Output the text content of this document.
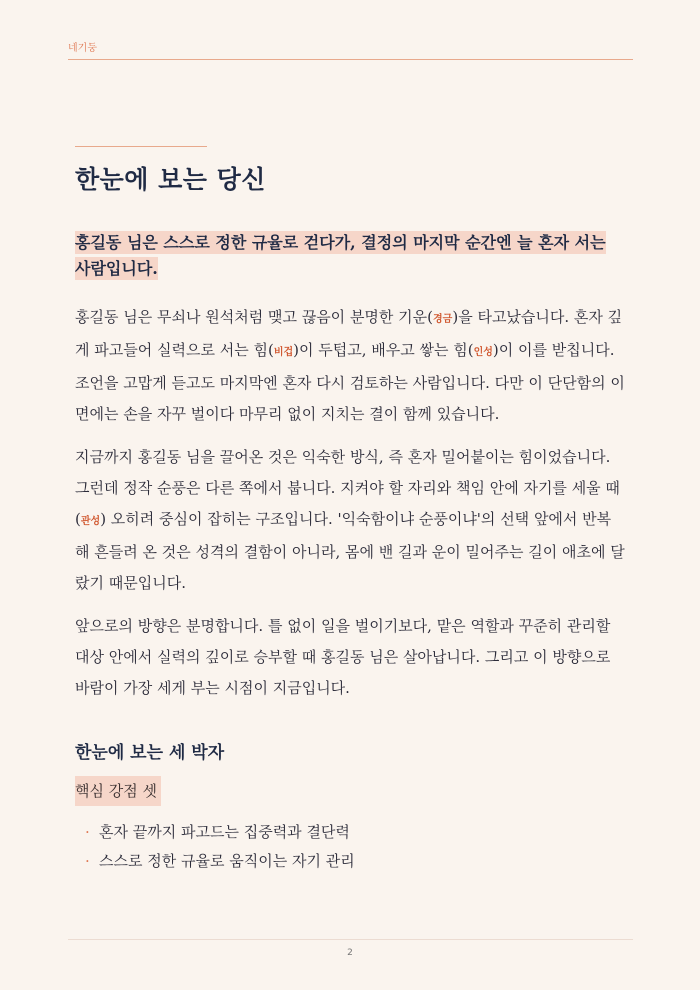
네기둥
한눈에 보는 당신

홍길동 님은 스스로 정한 규율로 걷다가, 결정의 마지막 순간엔 늘 혼자 서는 사람입니다.

홍길동 님은 무쇠나 원석처럼 맺고 끊음이 분명한 기운(경금)을 타고났습니다. 혼자 깊게 파고들어 실력으로 서는 힘(비겁)이 두텁고, 배우고 쌓는 힘(인성)이 이를 받칩니다. 조언을 고맙게 듣고도 마지막엔 혼자 다시 검토하는 사람입니다. 다만 이 단단함의 이면에는 손을 자꾸 벌이다 마무리 없이 지치는 결이 함께 있습니다.

지금까지 홍길동 님을 끌어온 것은 익숙한 방식, 즉 혼자 밀어붙이는 힘이었습니다. 그런데 정작 순풍은 다른 쪽에서 붑니다. 지켜야 할 자리와 책임 안에 자기를 세울 때(관성) 오히려 중심이 잡히는 구조입니다. '익숙함이냐 순풍이냐'의 선택 앞에서 반복해 흔들려 온 것은 성격의 결함이 아니라, 몸에 밴 길과 운이 밀어주는 길이 애초에 달랐기 때문입니다.

앞으로의 방향은 분명합니다. 틀 없이 일을 벌이기보다, 맡은 역할과 꾸준히 관리할 대상 안에서 실력의 깊이로 승부할 때 홍길동 님은 살아납니다. 그리고 이 방향으로 바람이 가장 세게 부는 시점이 지금입니다.

한눈에 보는 세 박자
핵심 강점 셋
· 혼자 끝까지 파고드는 집중력과 결단력
· 스스로 정한 규율로 움직이는 자기 관리
2
